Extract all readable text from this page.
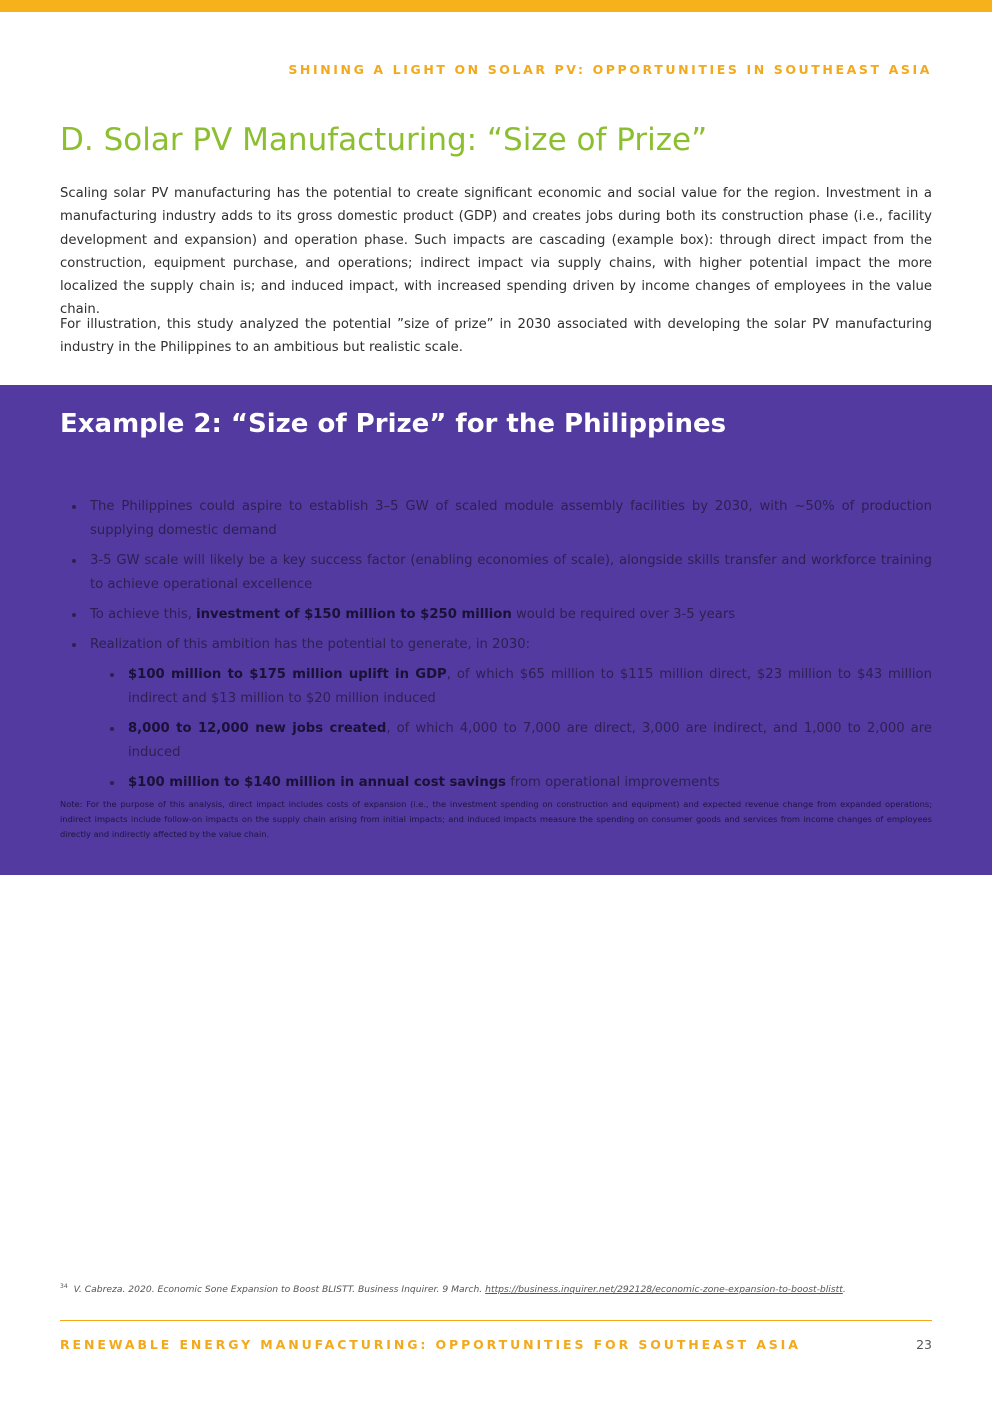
SHINING A LIGHT ON SOLAR PV: OPPORTUNITIES IN SOUTHEAST ASIA
D. Solar PV Manufacturing: “Size of Prize”

Scaling solar PV manufacturing has the potential to create significant economic and social value for the region. Investment in a manufacturing industry adds to its gross domestic product (GDP) and creates jobs during both its construction phase (i.e., facility development and expansion) and operation phase. Such impacts are cascading (example box): through direct impact from the construction, equipment purchase, and operations; indirect impact via supply chains, with higher potential impact the more localized the supply chain is; and induced impact, with increased spending driven by income changes of employees in the value chain.

For illustration, this study analyzed the potential ”size of prize” in 2030 associated with developing the solar PV manufacturing industry in the Philippines to an ambitious but realistic scale.

Example 2: “Size of Prize” for the Philippines
The Philippines could aspire to establish 3–5 GW of scaled module assembly facilities by 2030, with ~50% of production supplying domestic demand
3-5 GW scale will likely be a key success factor (enabling economies of scale), alongside skills transfer and workforce training to achieve operational excellence
To achieve this, investment of $150 million to $250 million would be required over 3-5 years
Realization of this ambition has the potential to generate, in 2030:
$100 million to $175 million uplift in GDP, of which $65 million to $115 million direct, $23 million to $43 million indirect and $13 million to $20 million induced
8,000 to 12,000 new jobs created, of which 4,000 to 7,000 are direct, 3,000 are indirect, and 1,000 to 2,000 are induced
$100 million to $140 million in annual cost savings from operational improvements

Note: For the purpose of this analysis, direct impact includes costs of expansion (i.e., the investment spending on construction and equipment) and expected revenue change from expanded operations; indirect impacts include follow-on impacts on the supply chain arising from initial impacts; and induced impacts measure the spending on consumer goods and services from income changes of employees directly and indirectly affected by the value chain.

$^{34}$ V. Cabreza. 2020. Economic Sone Expansion to Boost BLISTT. Business Inquirer. 9 March. https://business.inquirer.net/292128/economic-zone-expansion-to-boost-blistt.
RENEWABLE ENERGY MANUFACTURING: OPPORTUNITIES FOR SOUTHEAST ASIA	23
